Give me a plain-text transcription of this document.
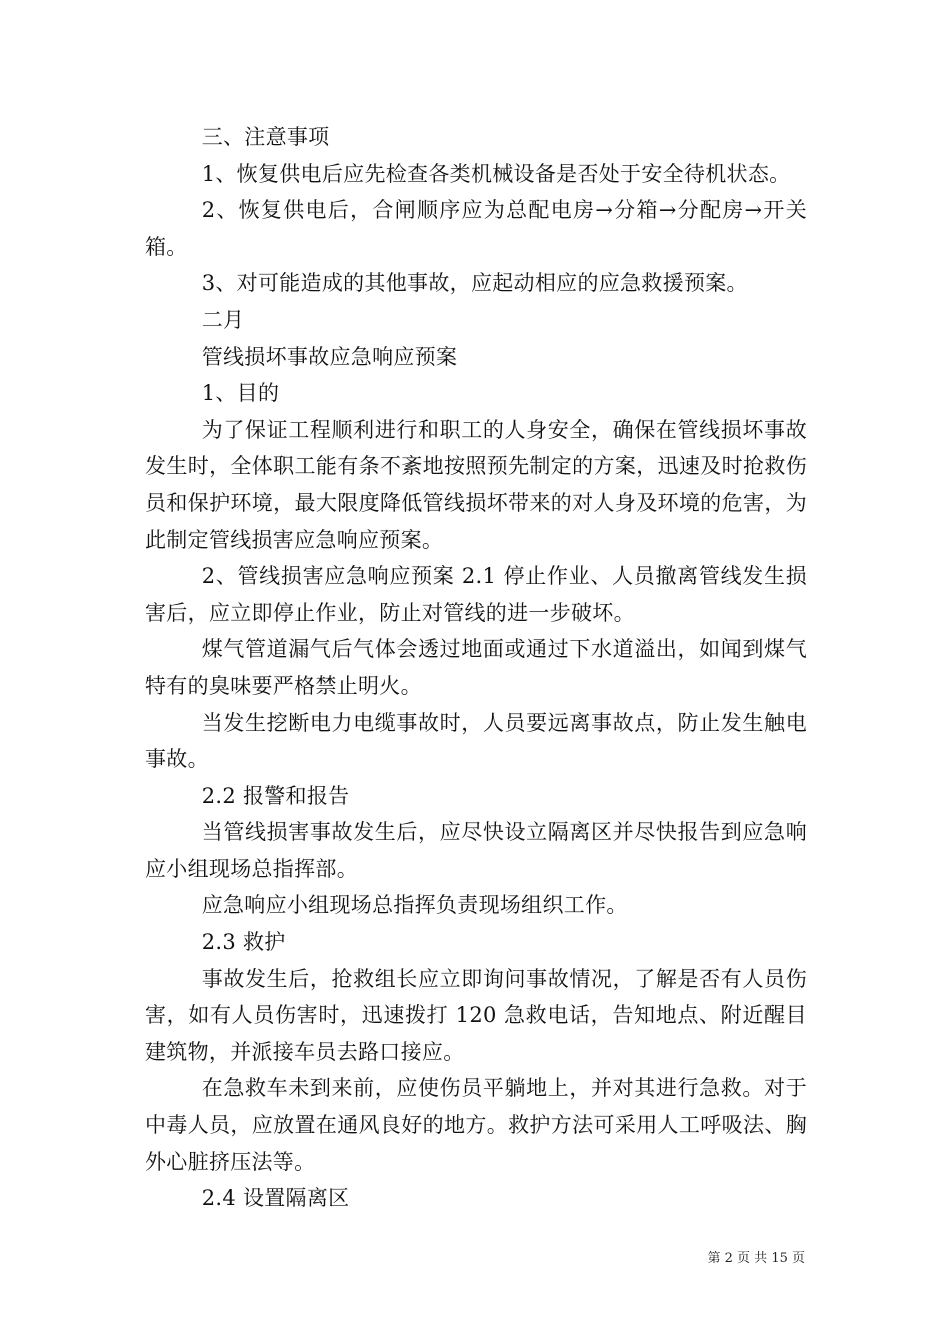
三、注意事项

1、恢复供电后应先检查各类机械设备是否处于安全待机状态。

2、恢复供电后，合闸顺序应为总配电房→分箱→分配房→开关箱。

3、对可能造成的其他事故，应起动相应的应急救援预案。

二月

管线损坏事故应急响应预案

1、目的

为了保证工程顺利进行和职工的人身安全，确保在管线损坏事故发生时，全体职工能有条不紊地按照预先制定的方案，迅速及时抢救伤员和保护环境，最大限度降低管线损坏带来的对人身及环境的危害，为此制定管线损害应急响应预案。

2、管线损害应急响应预案 2.1 停止作业、人员撤离管线发生损害后，应立即停止作业，防止对管线的进一步破坏。

煤气管道漏气后气体会透过地面或通过下水道溢出，如闻到煤气特有的臭味要严格禁止明火。

当发生挖断电力电缆事故时，人员要远离事故点，防止发生触电事故。

2.2 报警和报告

当管线损害事故发生后，应尽快设立隔离区并尽快报告到应急响应小组现场总指挥部。

应急响应小组现场总指挥负责现场组织工作。

2.3 救护

事故发生后，抢救组长应立即询问事故情况，了解是否有人员伤害，如有人员伤害时，迅速拨打 120 急救电话，告知地点、附近醒目建筑物，并派接车员去路口接应。

在急救车未到来前，应使伤员平躺地上，并对其进行急救。对于中毒人员，应放置在通风良好的地方。救护方法可采用人工呼吸法、胸外心脏挤压法等。

2.4 设置隔离区

第 2 页 共 15 页
